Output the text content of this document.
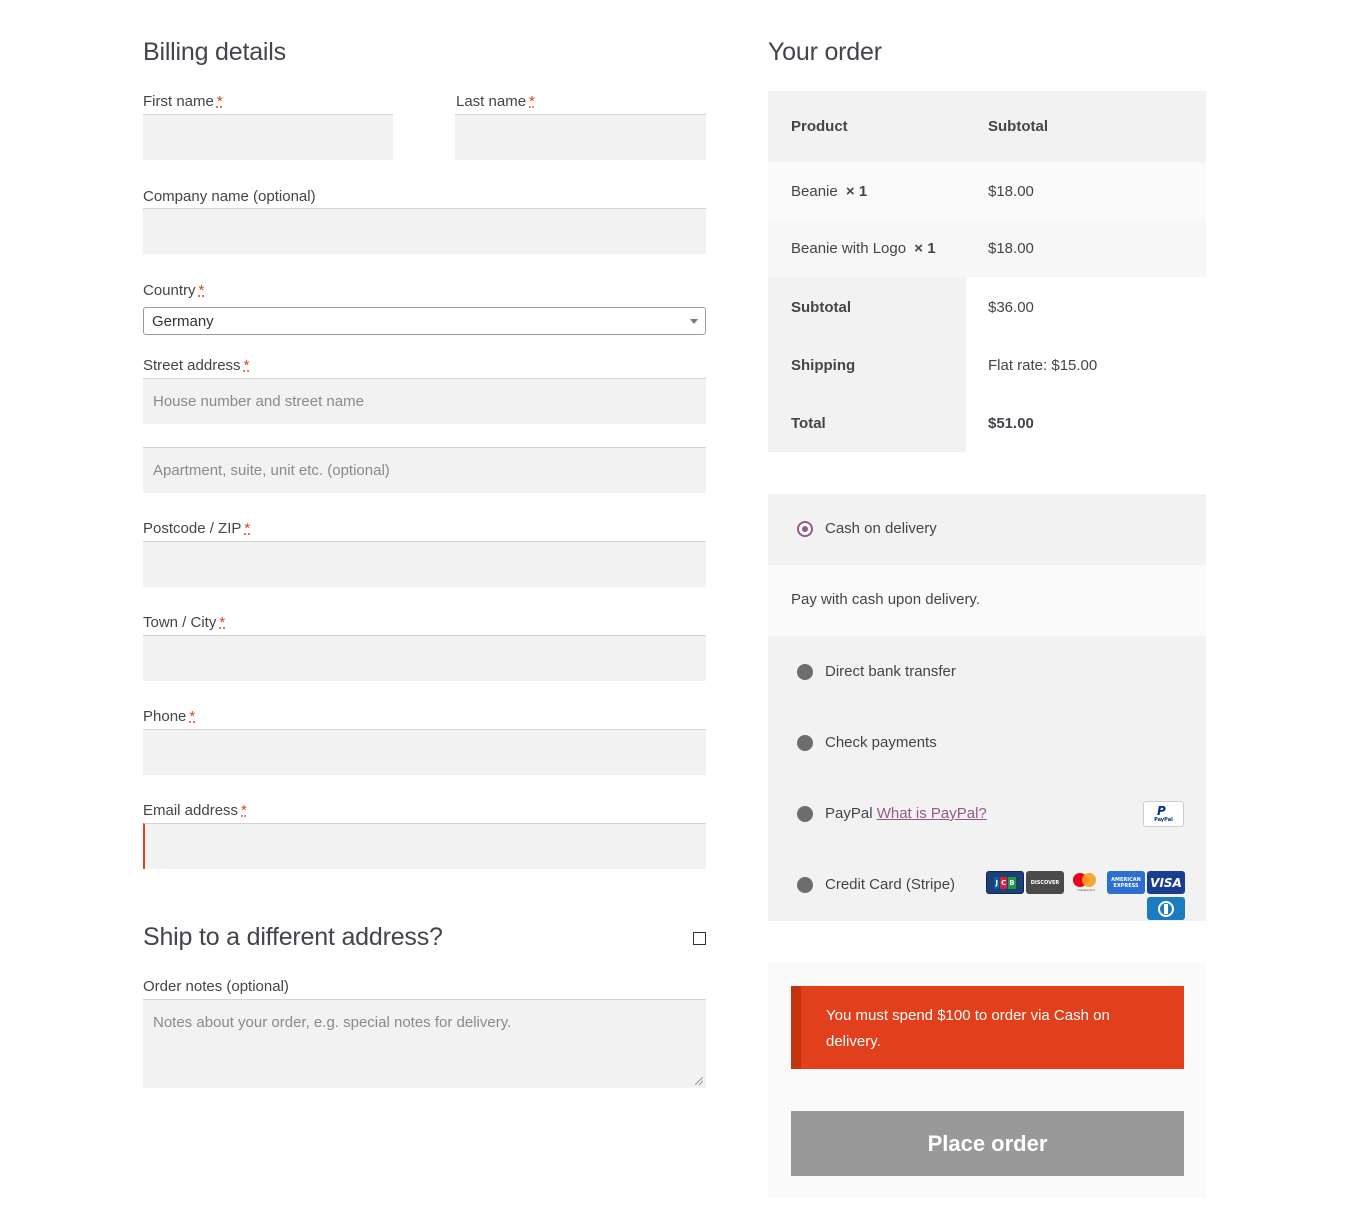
Billing details
First name *	Last name *
Company name (optional)
Country *
Germany
Street address *
House number and street name
Apartment, suite, unit etc. (optional)
Postcode / ZIP *
Town / City *
Phone *
Email address *
Ship to a different address?
Order notes (optional)
Notes about your order, e.g. special notes for delivery.
Your order
Product	Subtotal
Beanie × 1	$18.00
Beanie with Logo × 1	$18.00
Subtotal	$36.00
Shipping	Flat rate: $15.00
Total	$51.00
Cash on delivery
Pay with cash upon delivery.
Direct bank transfer
Check payments
PayPal What is PayPal?	P
PayPal
Credit Card (Stripe)	J C B	DISCOVER
mastercard
AMERICAN EXPRESS VISA
You must spend $100 to order via Cash on delivery.
Place order
